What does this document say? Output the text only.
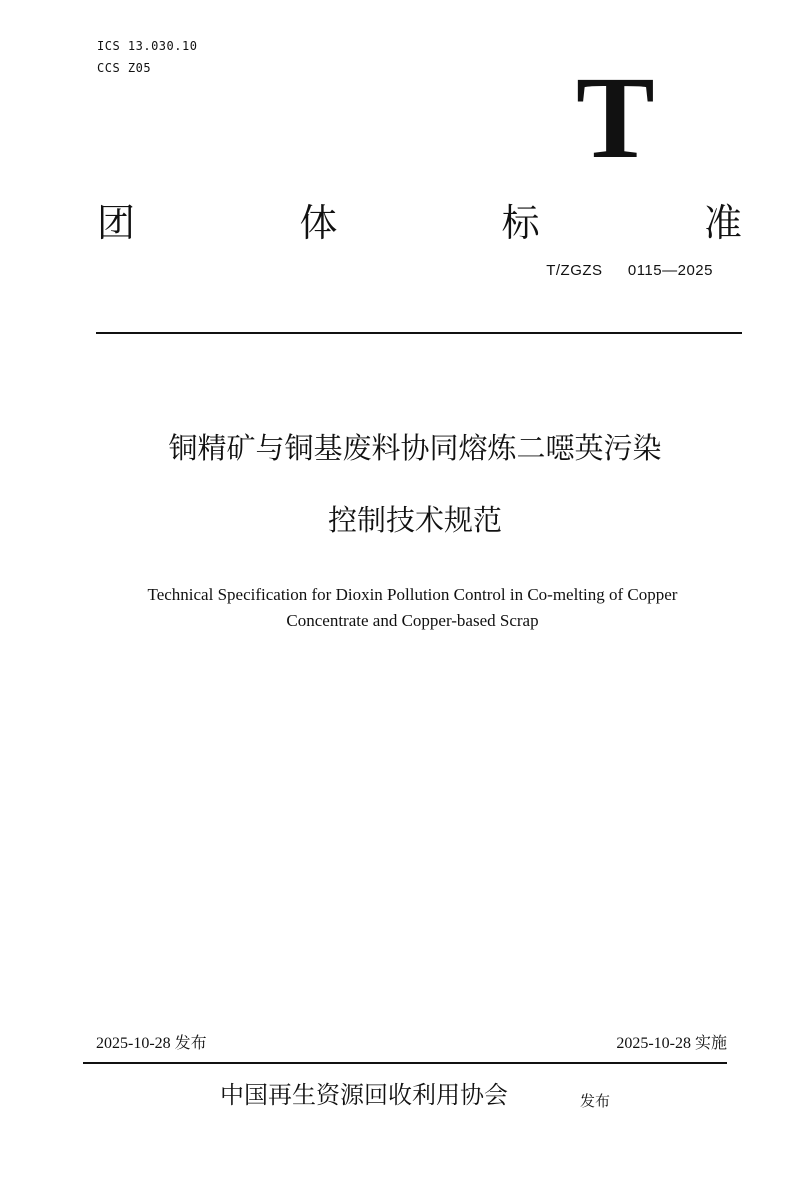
ICS 13.030.10
CCS Z05	T
团	体	标	准
T/ZGZS  0115—2025
铜精矿与铜基废料协同熔炼二噁英污染
控制技术规范
Technical Specification for Dioxin Pollution Control in Co-melting of Copper
Concentrate and Copper-based Scrap
2025-10-28 发布	2025-10-28 实施
中国再生资源回收利用协会	发布
